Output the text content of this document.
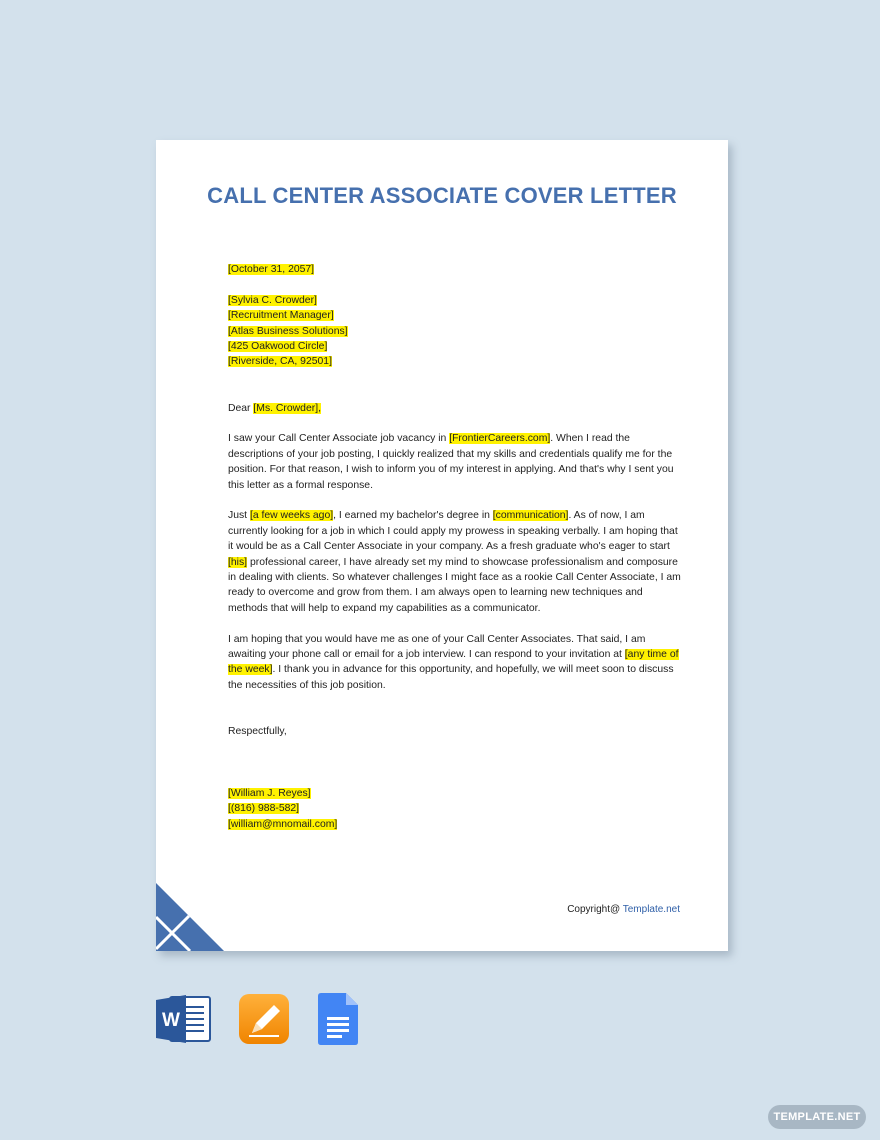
CALL CENTER ASSOCIATE COVER LETTER

[October 31, 2057]

[Sylvia C. Crowder]

[Recruitment Manager]

[Atlas Business Solutions]

[425 Oakwood Circle]

[Riverside, CA, 92501]

Dear [Ms. Crowder],

I saw your Call Center Associate job vacancy in [FrontierCareers.com]. When I read the descriptions of your job posting, I quickly realized that my skills and credentials qualify me for the position. For that reason, I wish to inform you of my interest in applying. And that's why I sent you this letter as a formal response.

Just [a few weeks ago], I earned my bachelor's degree in [communication]. As of now, I am currently looking for a job in which I could apply my prowess in speaking verbally. I am hoping that it would be as a Call Center Associate in your company. As a fresh graduate who's eager to start [his] professional career, I have already set my mind to showcase professionalism and composure in dealing with clients. So whatever challenges I might face as a rookie Call Center Associate, I am ready to overcome and grow from them. I am always open to learning new techniques and methods that will help to expand my capabilities as a communicator.

I am hoping that you would have me as one of your Call Center Associates. That said, I am awaiting your phone call or email for a job interview. I can respond to your invitation at [any time of the week]. I thank you in advance for this opportunity, and hopefully, we will meet soon to discuss the necessities of this job position.

Respectfully,

[William J. Reyes]

[(816) 988-582]

[william@mnomail.com]

Copyright@ Template.net
W
TEMPLATE.NET
